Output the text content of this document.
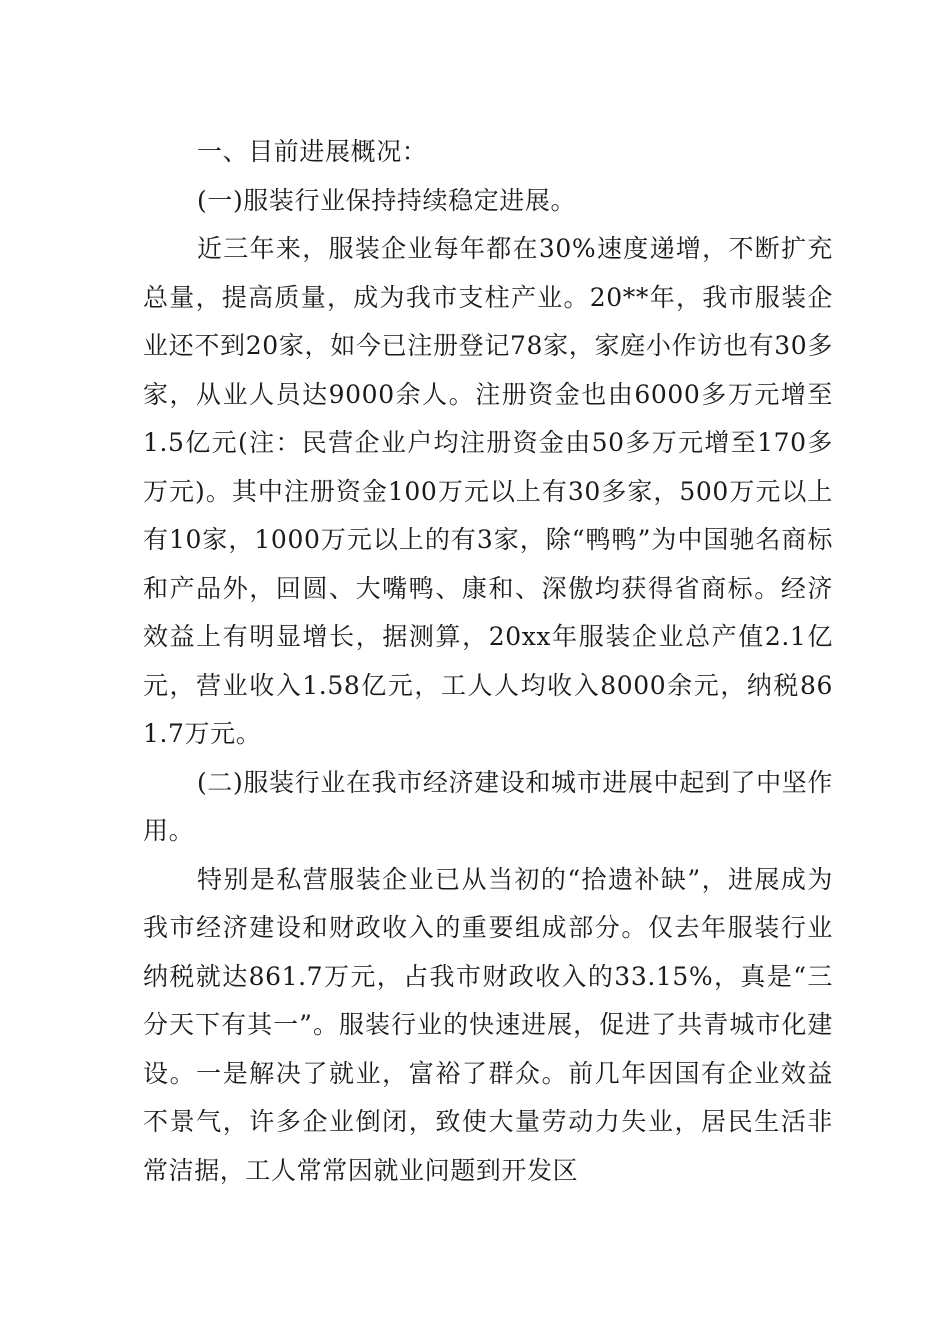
一、目前进展概况：

(一)服装行业保持持续稳定进展。

近三年来，服装企业每年都在30%速度递增，不断扩充总量，提高质量，成为我市支柱产业。20**年，我市服装企业还不到20家，如今已注册登记78家，家庭小作访也有30多家，从业人员达9000余人。注册资金也由6000多万元增至1.5亿元(注：民营企业户均注册资金由50多万元增至170多万元)。其中注册资金100万元以上有30多家，500万元以上有10家，1000万元以上的有3家，除“鸭鸭”为中国驰名商标和产品外，回圆、大嘴鸭、康和、深傲均获得省商标。经济效益上有明显增长，据测算，20xx年服装企业总产值2.1亿元，营业收入1.58亿元，工人人均收入8000余元，纳税861.7万元。

(二)服装行业在我市经济建设和城市进展中起到了中坚作用。

特别是私营服装企业已从当初的“拾遗补缺”，进展成为我市经济建设和财政收入的重要组成部分。仅去年服装行业纳税就达861.7万元，占我市财政收入的33.15%，真是“三分天下有其一”。服装行业的快速进展，促进了共青城市化建设。一是解决了就业，富裕了群众。前几年因国有企业效益不景气，许多企业倒闭，致使大量劳动力失业，居民生活非常洁据，工人常常因就业问题到开发区
